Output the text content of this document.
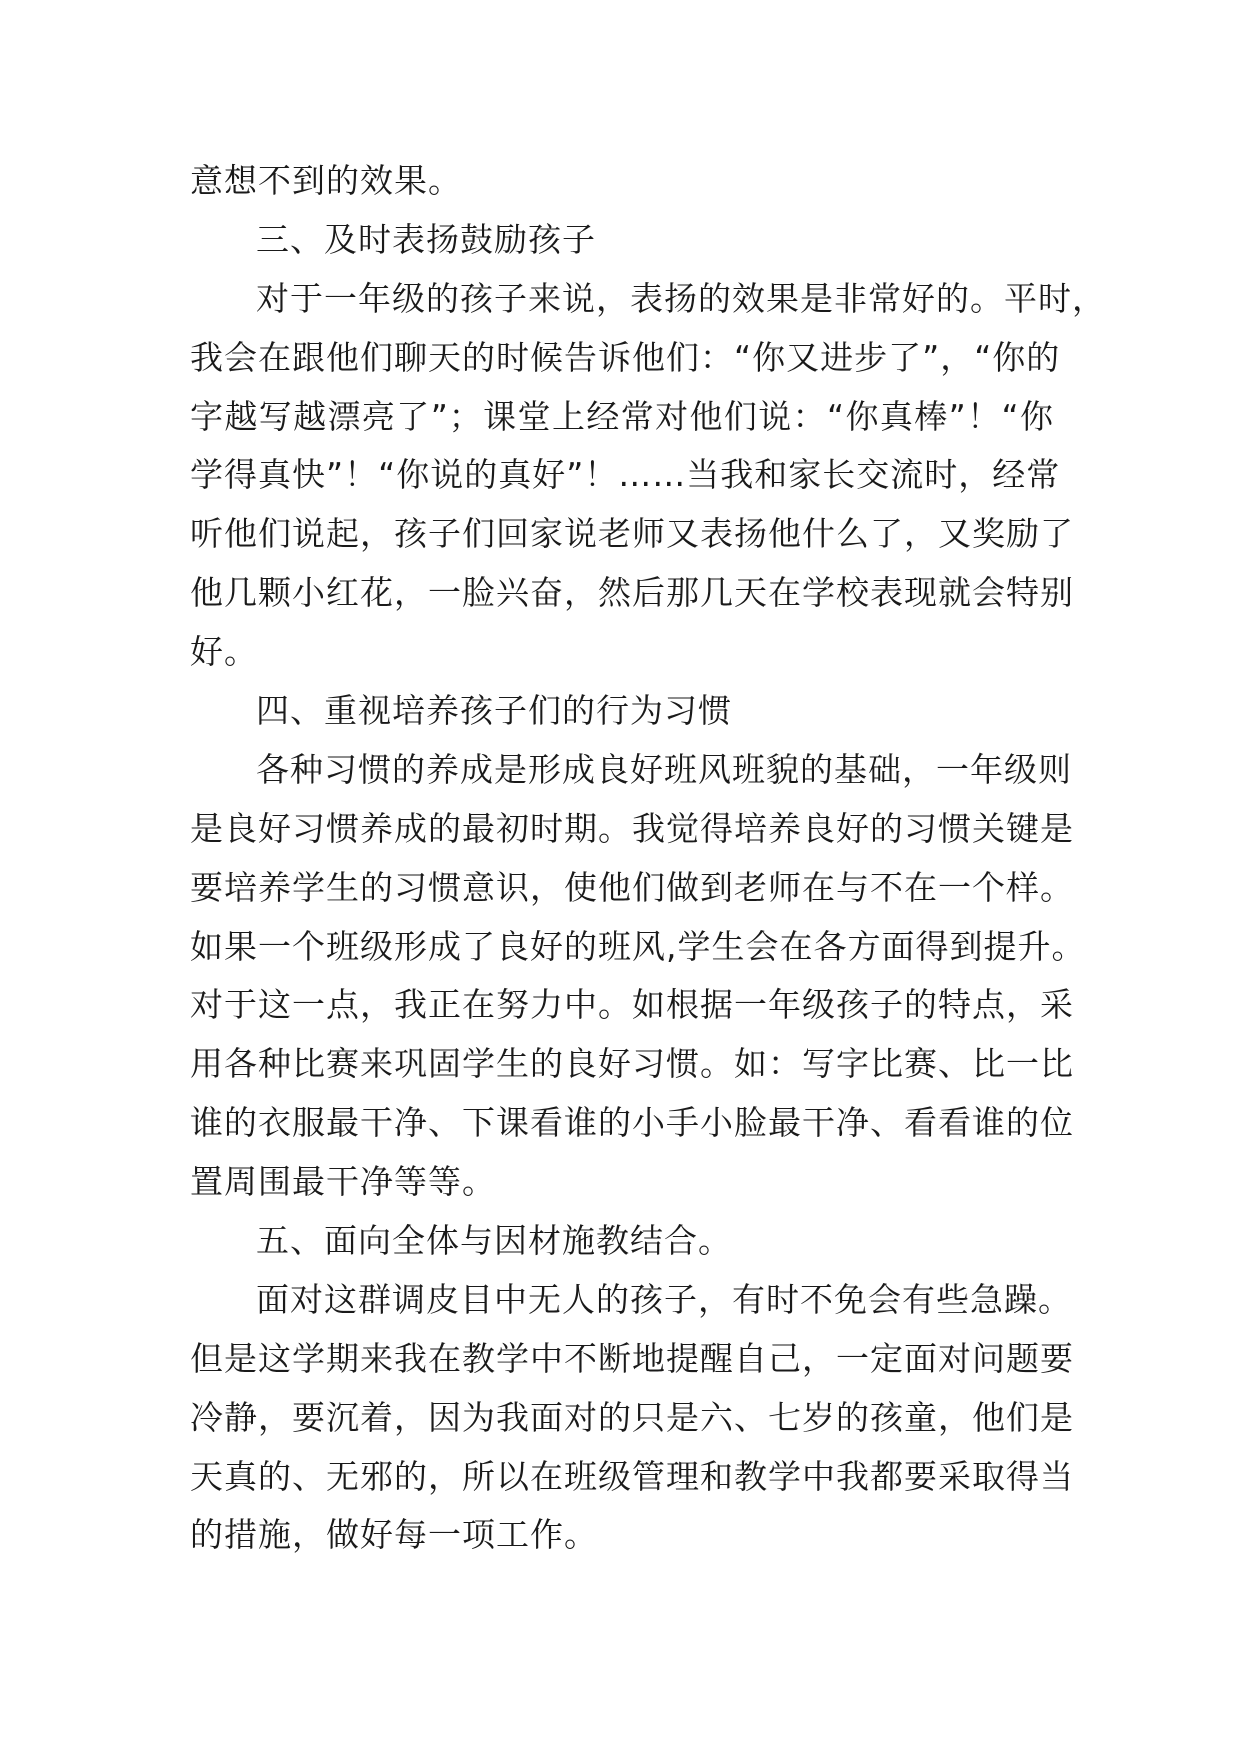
意想不到的效果。
三、及时表扬鼓励孩子
对于一年级的孩子来说，表扬的效果是非常好的。平时，
我会在跟他们聊天的时候告诉他们：“你又进步了”，“你的
字越写越漂亮了”；课堂上经常对他们说：“你真棒”！“你
学得真快”！“你说的真好”！……当我和家长交流时，经常
听他们说起，孩子们回家说老师又表扬他什么了，又奖励了
他几颗小红花，一脸兴奋，然后那几天在学校表现就会特别
好。
四、重视培养孩子们的行为习惯
各种习惯的养成是形成良好班风班貌的基础，一年级则
是良好习惯养成的最初时期。我觉得培养良好的习惯关键是
要培养学生的习惯意识，使他们做到老师在与不在一个样。
如果一个班级形成了良好的班风,学生会在各方面得到提升。
对于这一点，我正在努力中。如根据一年级孩子的特点，采
用各种比赛来巩固学生的良好习惯。如：写字比赛、比一比
谁的衣服最干净、下课看谁的小手小脸最干净、看看谁的位
置周围最干净等等。
五、面向全体与因材施教结合。
面对这群调皮目中无人的孩子，有时不免会有些急躁。
但是这学期来我在教学中不断地提醒自己，一定面对问题要
冷静，要沉着，因为我面对的只是六、七岁的孩童，他们是
天真的、无邪的，所以在班级管理和教学中我都要采取得当
的措施，做好每一项工作。
